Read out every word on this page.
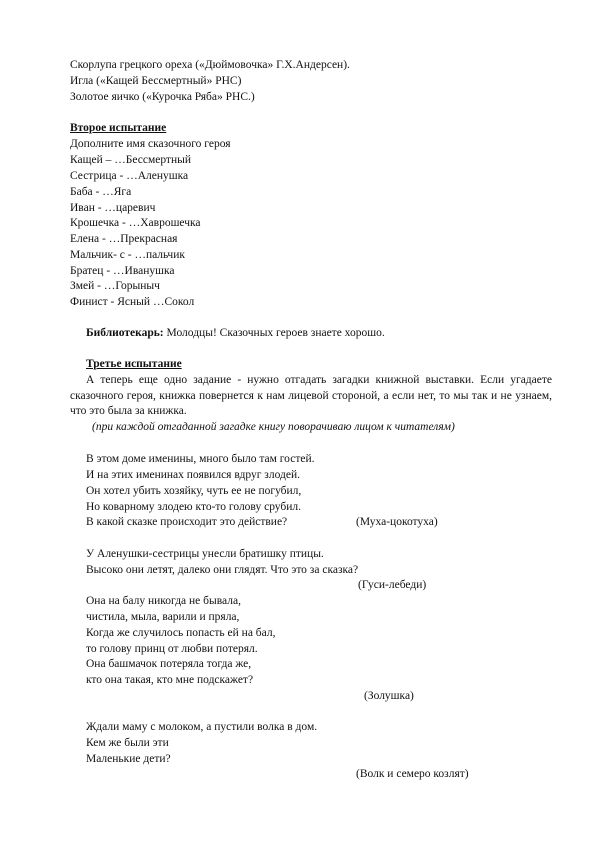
Скорлупа грецкого ореха («Дюймовочка» Г.Х.Андерсен).
Игла («Кащей Бессмертный» РНС)
Золотое яичко («Курочка Ряба» РНС.)
Второе испытание
Дополните имя сказочного героя
Кащей – …Бессмертный
Сестрица - …Аленушка
Баба - …Яга
Иван - …царевич
Крошечка - …Хаврошечка
Елена - …Прекрасная
Мальчик- с - …пальчик
Братец - …Иванушка
Змей - …Горыныч
Финист - Ясный …Сокол
Библиотекарь: Молодцы! Сказочных героев знаете хорошо.
Третье испытание
А теперь еще одно задание - нужно отгадать загадки книжной выставки. Если угадаете сказочного героя, книжка повернется к нам лицевой стороной, а если нет, то мы так и не узнаем, что это была за книжка.
(при каждой отгаданной загадке книгу поворачиваю лицом к читателям)
В этом доме именины, много было там гостей.
И на этих именинах появился вдруг злодей.
Он хотел убить хозяйку, чуть ее не погубил,
Но коварному злодею кто-то голову срубил.
В какой сказке происходит это действие?	(Муха-цокотуха)
У Аленушки-сестрицы унесли братишку птицы.
Высоко они летят, далеко они глядят. Что это за сказка?
(Гуси-лебеди)
Она на балу никогда не бывала,
чистила, мыла, варили и пряла,
Когда же случилось попасть ей на бал,
то голову принц от любви потерял.
Она башмачок потеряла тогда же,
кто она такая, кто мне подскажет?
(Золушка)
Ждали маму с молоком, а пустили волка в дом.
Кем же были эти
Маленькие дети?
(Волк и семеро козлят)
